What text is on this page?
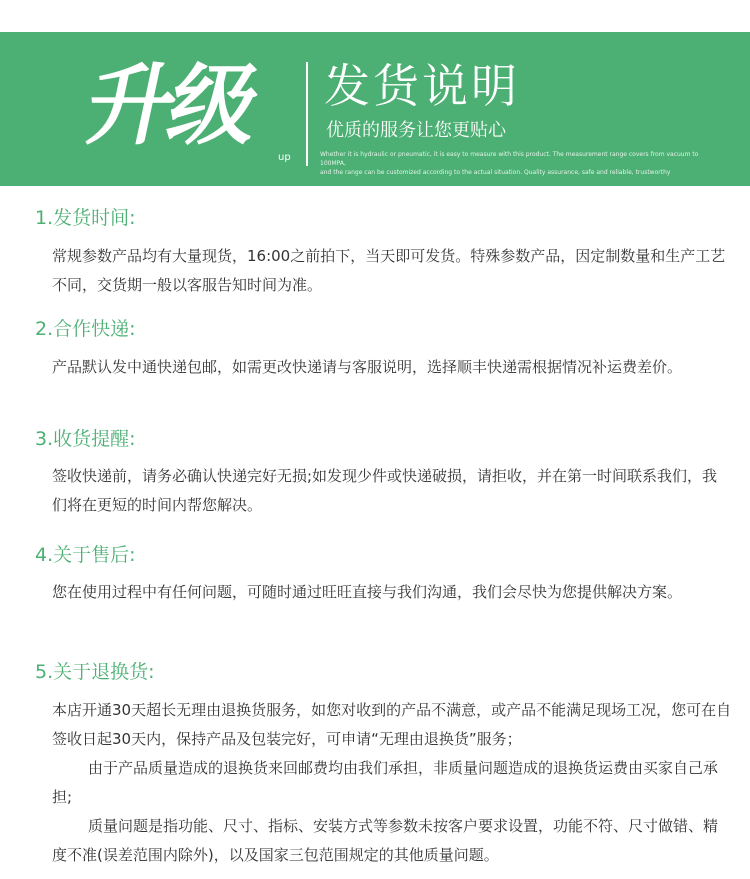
升级
up
发货说明
优质的服务让您更贴心
Whether it is hydraulic or pneumatic, it is easy to measure with this product. The measurement range covers from vacuum to 100MPA,
and the range can be customized according to the actual situation. Quality assurance, safe and reliable, trustworthy
1.发货时间:

常规参数产品均有大量现货，16:00之前拍下，当天即可发货。特殊参数产品，因定制数量和生产工艺不同，交货期一般以客服告知时间为准。

2.合作快递:

产品默认发中通快递包邮，如需更改快递请与客服说明，选择顺丰快递需根据情况补运费差价。

3.收货提醒:

签收快递前，请务必确认快递完好无损;如发现少件或快递破损，请拒收，并在第一时间联系我们，我们将在更短的时间内帮您解决。

4.关于售后:

您在使用过程中有任何问题，可随时通过旺旺直接与我们沟通，我们会尽快为您提供解决方案。

5.关于退换货:

本店开通30天超长无理由退换货服务，如您对收到的产品不满意，或产品不能满足现场工况，您可在自签收日起30天内，保持产品及包装完好，可申请“无理由退换货”服务；

由于产品质量造成的退换货来回邮费均由我们承担，非质量问题造成的退换货运费由买家自己承担;

质量问题是指功能、尺寸、指标、安装方式等参数未按客户要求设置，功能不符、尺寸做错、精度不准(误差范围内除外)，以及国家三包范围规定的其他质量问题。
